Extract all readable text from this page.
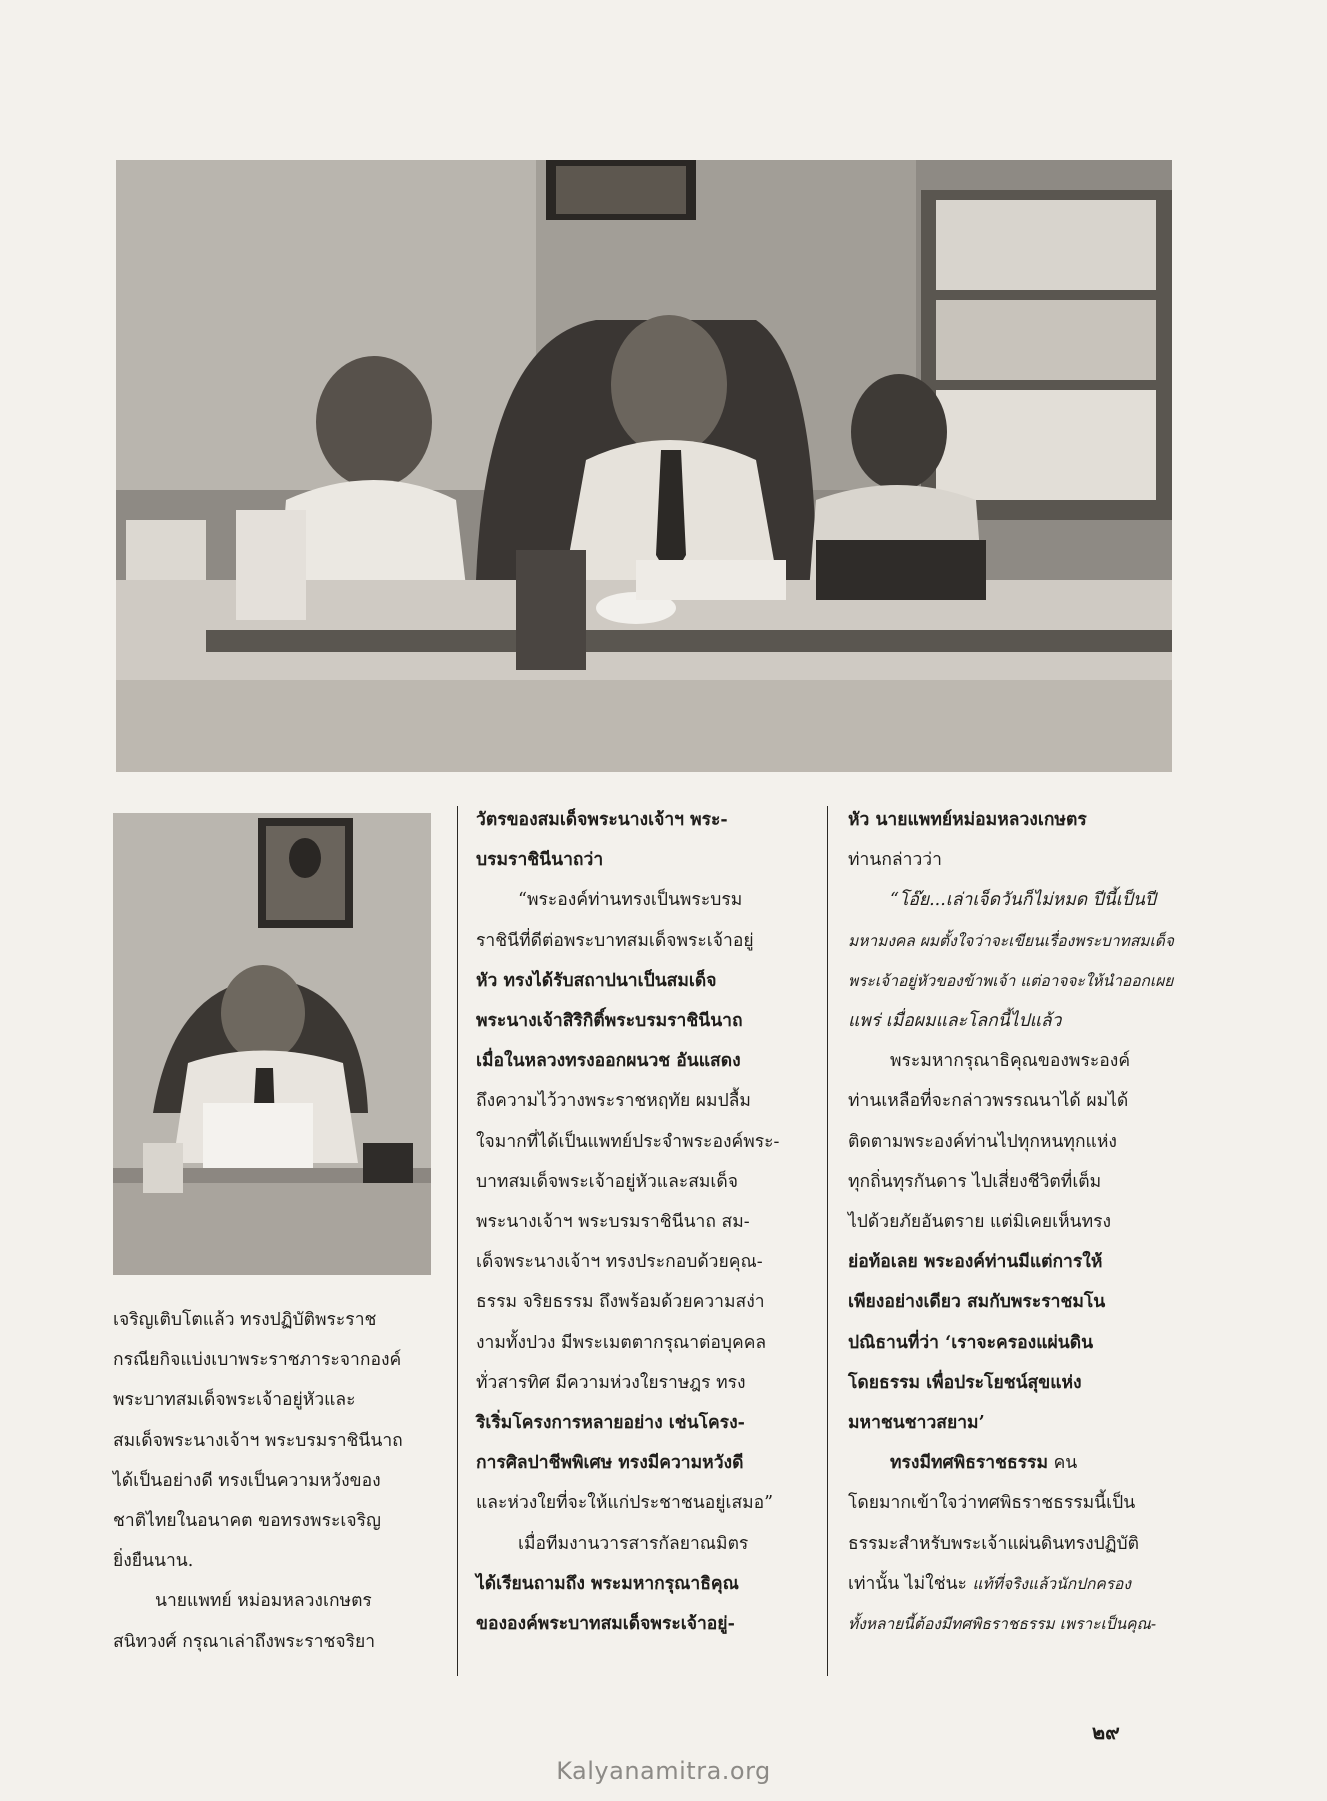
เจริญเติบโตแล้ว ทรงปฏิบัติพระราช
กรณียกิจแบ่งเบาพระราชภาระจากองค์
พระบาทสมเด็จพระเจ้าอยู่หัวและ
สมเด็จพระนางเจ้าฯ พระบรมราชินีนาถ
ได้เป็นอย่างดี ทรงเป็นความหวังของ
ชาติไทยในอนาคต ขอทรงพระเจริญ
ยิ่งยืนนาน.
นายแพทย์ หม่อมหลวงเกษตร
สนิทวงศ์ กรุณาเล่าถึงพระราชจริยา
วัตรของสมเด็จพระนางเจ้าฯ พระ-
บรมราชินีนาถว่า
“พระองค์ท่านทรงเป็นพระบรม
ราชินีที่ดีต่อพระบาทสมเด็จพระเจ้าอยู่
หัว ทรงได้รับสถาปนาเป็นสมเด็จ
พระนางเจ้าสิริกิติ์พระบรมราชินีนาถ
เมื่อในหลวงทรงออกผนวช อันแสดง
ถึงความไว้วางพระราชหฤทัย ผมปลื้ม
ใจมากที่ได้เป็นแพทย์ประจำพระองค์พระ-
บาทสมเด็จพระเจ้าอยู่หัวและสมเด็จ
พระนางเจ้าฯ พระบรมราชินีนาถ สม-
เด็จพระนางเจ้าฯ ทรงประกอบด้วยคุณ-
ธรรม จริยธรรม ถึงพร้อมด้วยความสง่า
งามทั้งปวง มีพระเมตตากรุณาต่อบุคคล
ทั่วสารทิศ มีความห่วงใยราษฎร ทรง
ริเริ่มโครงการหลายอย่าง เช่นโครง-
การศิลปาชีพพิเศษ ทรงมีความหวังดี
และห่วงใยที่จะให้แก่ประชาชนอยู่เสมอ”
เมื่อทีมงานวารสารกัลยาณมิตร
ได้เรียนถามถึง พระมหากรุณาธิคุณ
ขององค์พระบาทสมเด็จพระเจ้าอยู่-
หัว นายแพทย์หม่อมหลวงเกษตร
ท่านกล่าวว่า
“โอ๊ย...เล่าเจ็ดวันก็ไม่หมด ปีนี้เป็นปี
มหามงคล ผมตั้งใจว่าจะเขียนเรื่องพระบาทสมเด็จ
พระเจ้าอยู่หัวของข้าพเจ้า แต่อาจจะให้นำออกเผย
แพร่ เมื่อผมและโลกนี้ไปแล้ว
พระมหากรุณาธิคุณของพระองค์
ท่านเหลือที่จะกล่าวพรรณนาได้ ผมได้
ติดตามพระองค์ท่านไปทุกหนทุกแห่ง
ทุกถิ่นทุรกันดาร ไปเสี่ยงชีวิตที่เต็ม
ไปด้วยภัยอันตราย แต่มิเคยเห็นทรง
ย่อท้อเลย พระองค์ท่านมีแต่การให้
เพียงอย่างเดียว สมกับพระราชมโน
ปณิธานที่ว่า ‘เราจะครองแผ่นดิน
โดยธรรม เพื่อประโยชน์สุขแห่ง
มหาชนชาวสยาม’
ทรงมีทศพิธราชธรรม คน
โดยมากเข้าใจว่าทศพิธราชธรรมนี้เป็น
ธรรมะสำหรับพระเจ้าแผ่นดินทรงปฏิบัติ
เท่านั้น ไม่ใช่นะ แท้ที่จริงแล้วนักปกครอง
ทั้งหลายนี้ต้องมีทศพิธราชธรรม เพราะเป็นคุณ-
๒๙
Kalyanamitra.org
